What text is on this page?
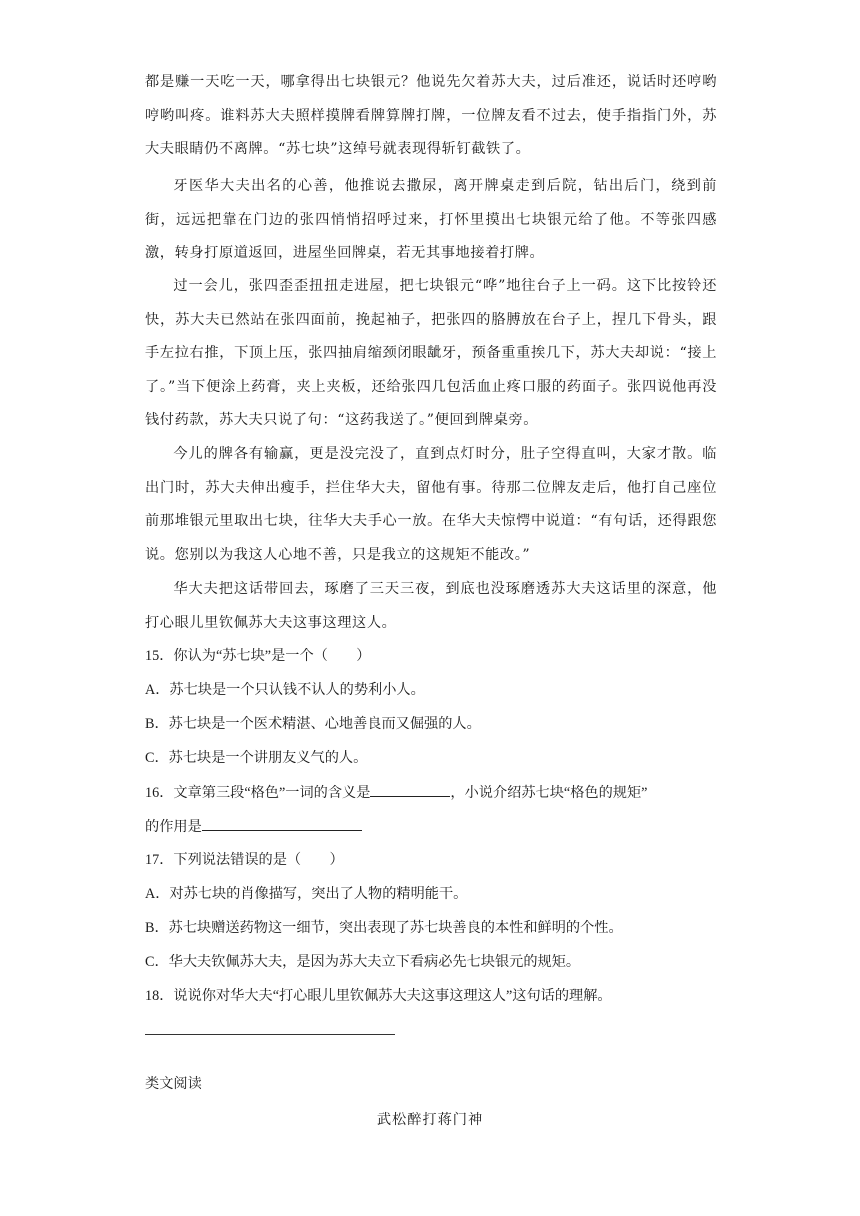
都是赚一天吃一天，哪拿得出七块银元？他说先欠着苏大夫，过后准还，说话时还哼哟哼哟叫疼。谁料苏大夫照样摸牌看牌算牌打牌，一位牌友看不过去，使手指指门外，苏大夫眼睛仍不离牌。“苏七块”这绰号就表现得斩钉截铁了。

牙医华大夫出名的心善，他推说去撒尿，离开牌桌走到后院，钻出后门，绕到前街，远远把靠在门边的张四悄悄招呼过来，打怀里摸出七块银元给了他。不等张四感激，转身打原道返回，进屋坐回牌桌，若无其事地接着打牌。

过一会儿，张四歪歪扭扭走进屋，把七块银元“哗”地往台子上一码。这下比按铃还快，苏大夫已然站在张四面前，挽起袖子，把张四的胳膊放在台子上，捏几下骨头，跟手左拉右推，下顶上压，张四抽肩缩颈闭眼龇牙，预备重重挨几下，苏大夫却说：“接上了。”当下便涂上药膏，夹上夹板，还给张四几包活血止疼口服的药面子。张四说他再没钱付药款，苏大夫只说了句：“这药我送了。”便回到牌桌旁。

今儿的牌各有输赢，更是没完没了，直到点灯时分，肚子空得直叫，大家才散。临出门时，苏大夫伸出瘦手，拦住华大夫，留他有事。待那二位牌友走后，他打自己座位前那堆银元里取出七块，往华大夫手心一放。在华大夫惊愕中说道：“有句话，还得跟您说。您别以为我这人心地不善，只是我立的这规矩不能改。”

华大夫把这话带回去，琢磨了三天三夜，到底也没琢磨透苏大夫这话里的深意，他打心眼儿里钦佩苏大夫这事这理这人。

15．你认为“苏七块”是一个（　　）

A．苏七块是一个只认钱不认人的势利小人。

B．苏七块是一个医术精湛、心地善良而又倔强的人。

C．苏七块是一个讲朋友义气的人。

16．文章第三段“格色”一词的含义是	，小说介绍苏七块“格色的规矩”

的作用是

17．下列说法错误的是（　　）

A．对苏七块的肖像描写，突出了人物的精明能干。

B．苏七块赠送药物这一细节，突出表现了苏七块善良的本性和鲜明的个性。

C．华大夫钦佩苏大夫，是因为苏大夫立下看病必先七块银元的规矩。

18．说说你对华大夫“打心眼儿里钦佩苏大夫这事这理这人”这句话的理解。

类文阅读
武松醉打蒋门神
